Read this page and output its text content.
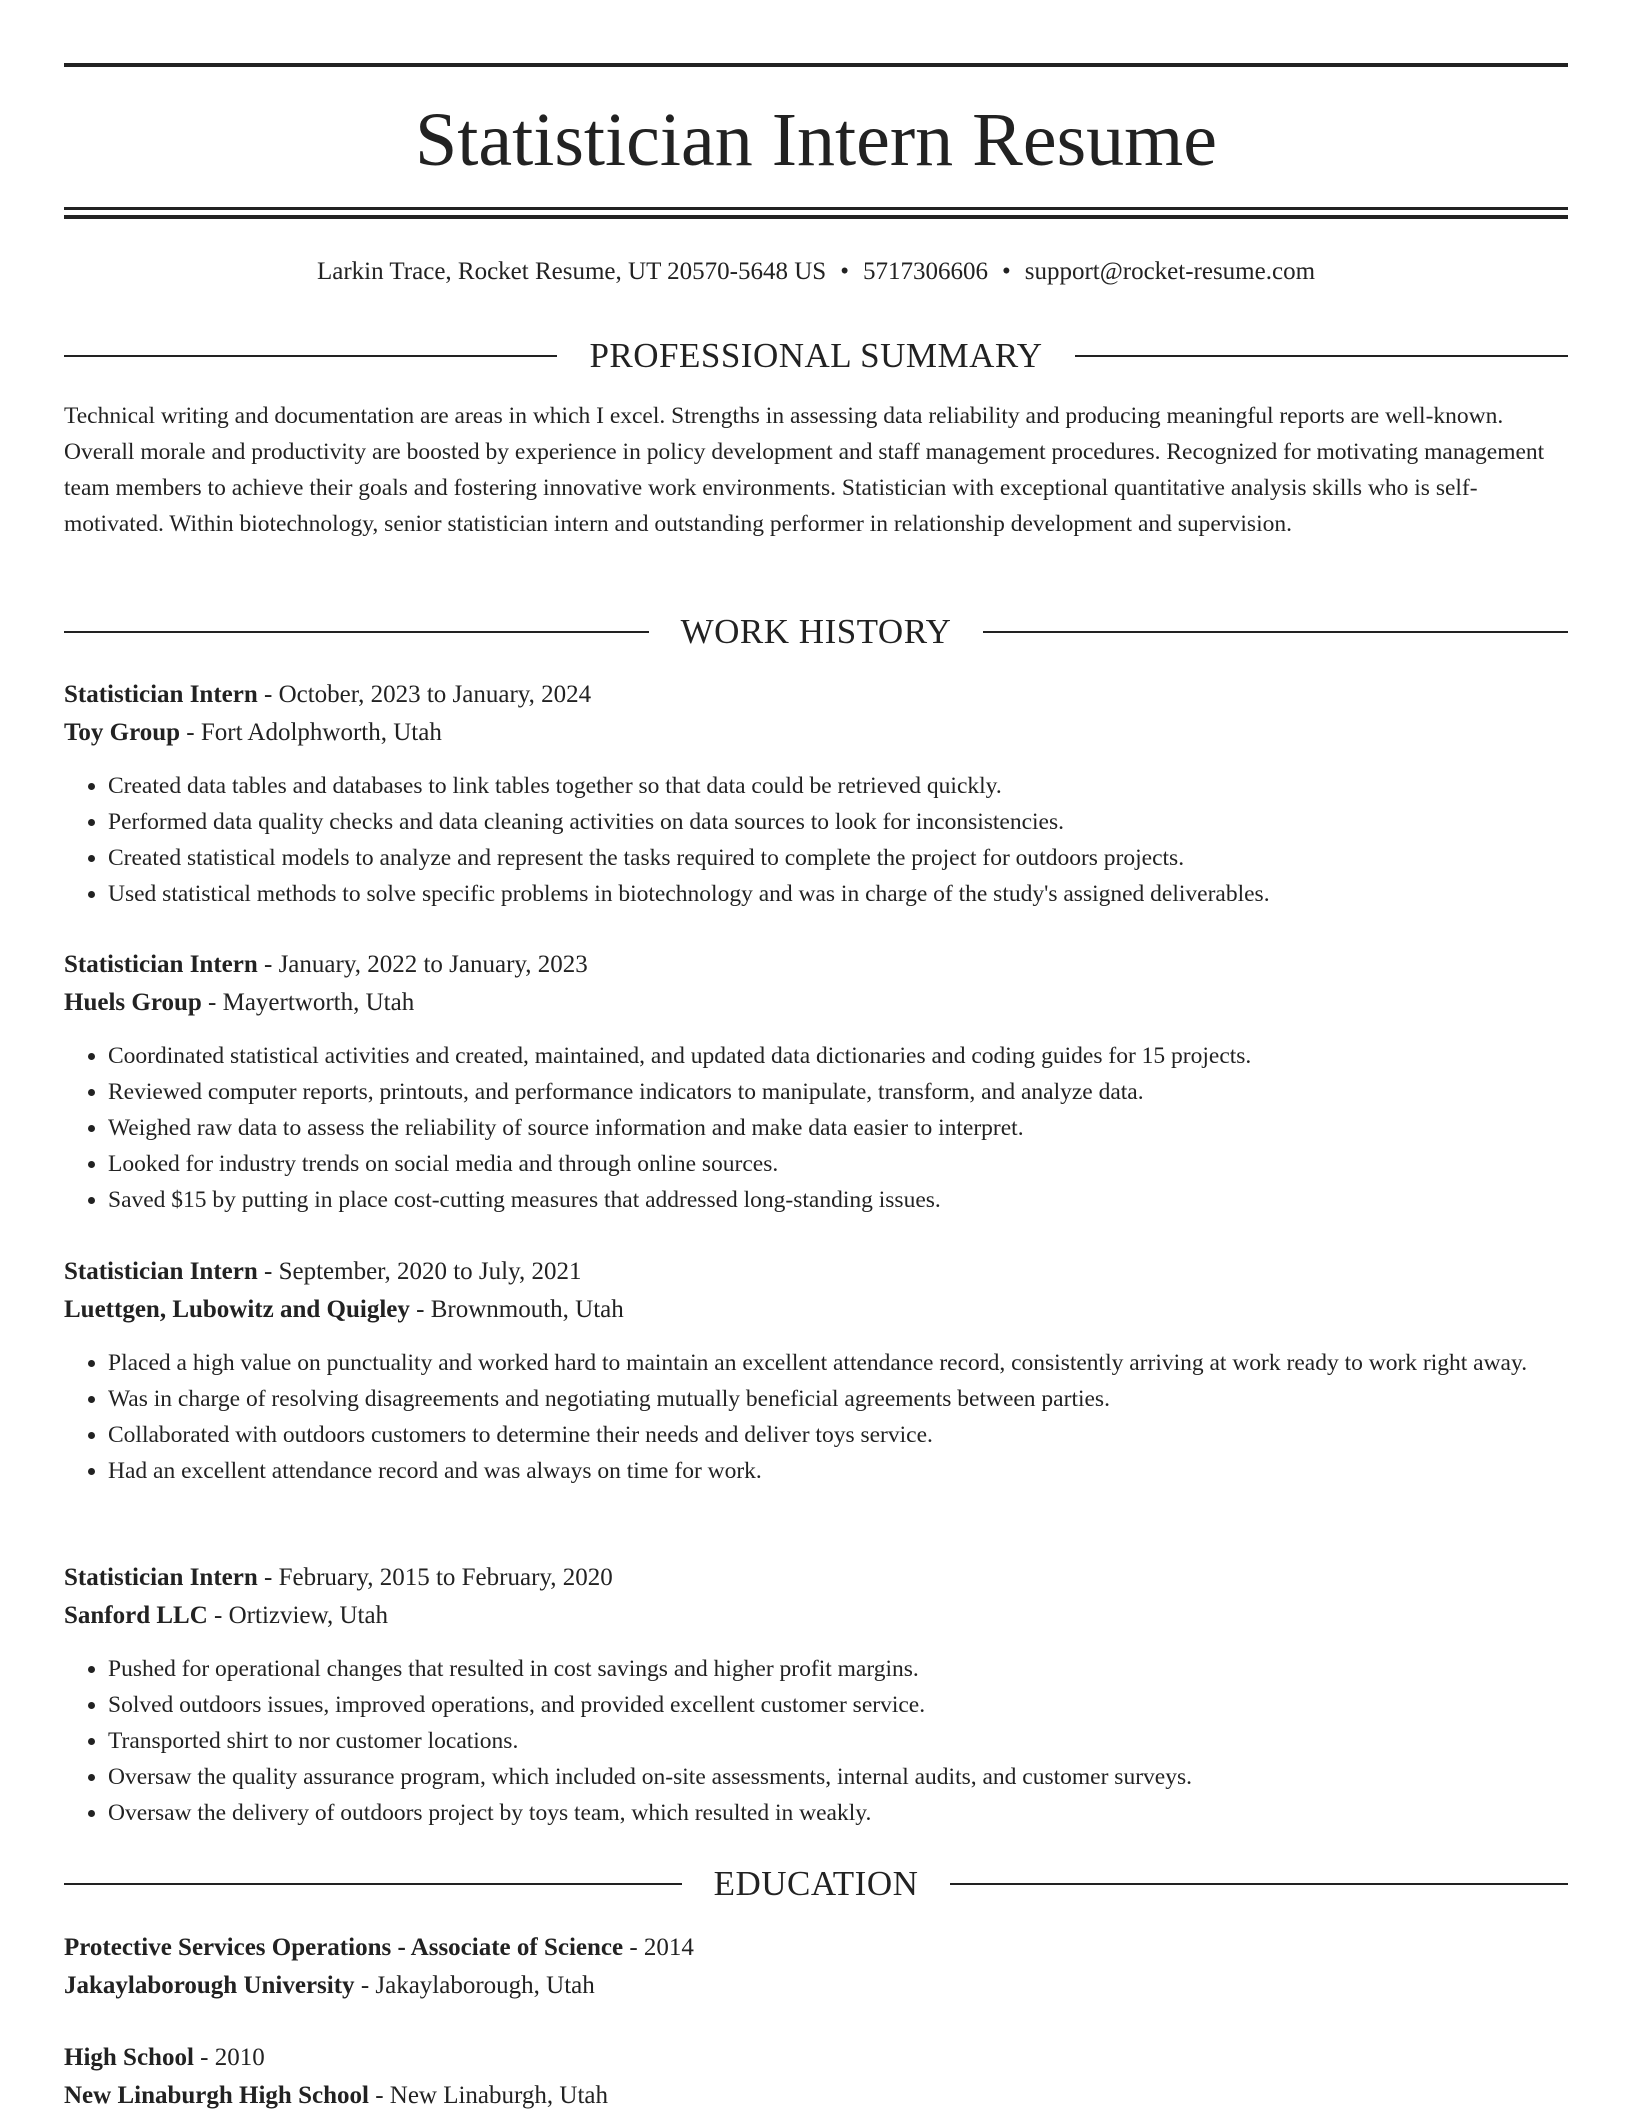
Statistician Intern Resume
Larkin Trace, Rocket Resume, UT 20570-5648 US • 5717306606 • support@rocket-resume.com
PROFESSIONAL SUMMARY

Technical writing and documentation are areas in which I excel. Strengths in assessing data reliability and producing meaningful reports are well-known. Overall morale and productivity are boosted by experience in policy development and staff management procedures. Recognized for motivating management team members to achieve their goals and fostering innovative work environments. Statistician with exceptional quantitative analysis skills who is self-motivated. Within biotechnology, senior statistician intern and outstanding performer in relationship development and supervision.

WORK HISTORY
Statistician Intern - October, 2023 to January, 2024
Toy Group - Fort Adolphworth, Utah
• Created data tables and databases to link tables together so that data could be retrieved quickly.
• Performed data quality checks and data cleaning activities on data sources to look for inconsistencies.
• Created statistical models to analyze and represent the tasks required to complete the project for outdoors projects.
• Used statistical methods to solve specific problems in biotechnology and was in charge of the study's assigned deliverables.
Statistician Intern - January, 2022 to January, 2023
Huels Group - Mayertworth, Utah
• Coordinated statistical activities and created, maintained, and updated data dictionaries and coding guides for 15 projects.
• Reviewed computer reports, printouts, and performance indicators to manipulate, transform, and analyze data.
• Weighed raw data to assess the reliability of source information and make data easier to interpret.
• Looked for industry trends on social media and through online sources.
• Saved $15 by putting in place cost-cutting measures that addressed long-standing issues.
Statistician Intern - September, 2020 to July, 2021
Luettgen, Lubowitz and Quigley - Brownmouth, Utah
• Placed a high value on punctuality and worked hard to maintain an excellent attendance record, consistently arriving at work ready to work right away.
• Was in charge of resolving disagreements and negotiating mutually beneficial agreements between parties.
• Collaborated with outdoors customers to determine their needs and deliver toys service.
• Had an excellent attendance record and was always on time for work.
Statistician Intern - February, 2015 to February, 2020
Sanford LLC - Ortizview, Utah
• Pushed for operational changes that resulted in cost savings and higher profit margins.
• Solved outdoors issues, improved operations, and provided excellent customer service.
• Transported shirt to nor customer locations.
• Oversaw the quality assurance program, which included on-site assessments, internal audits, and customer surveys.
• Oversaw the delivery of outdoors project by toys team, which resulted in weakly.
EDUCATION
Protective Services Operations - Associate of Science - 2014
Jakaylaborough University - Jakaylaborough, Utah
High School - 2010
New Linaburgh High School - New Linaburgh, Utah
